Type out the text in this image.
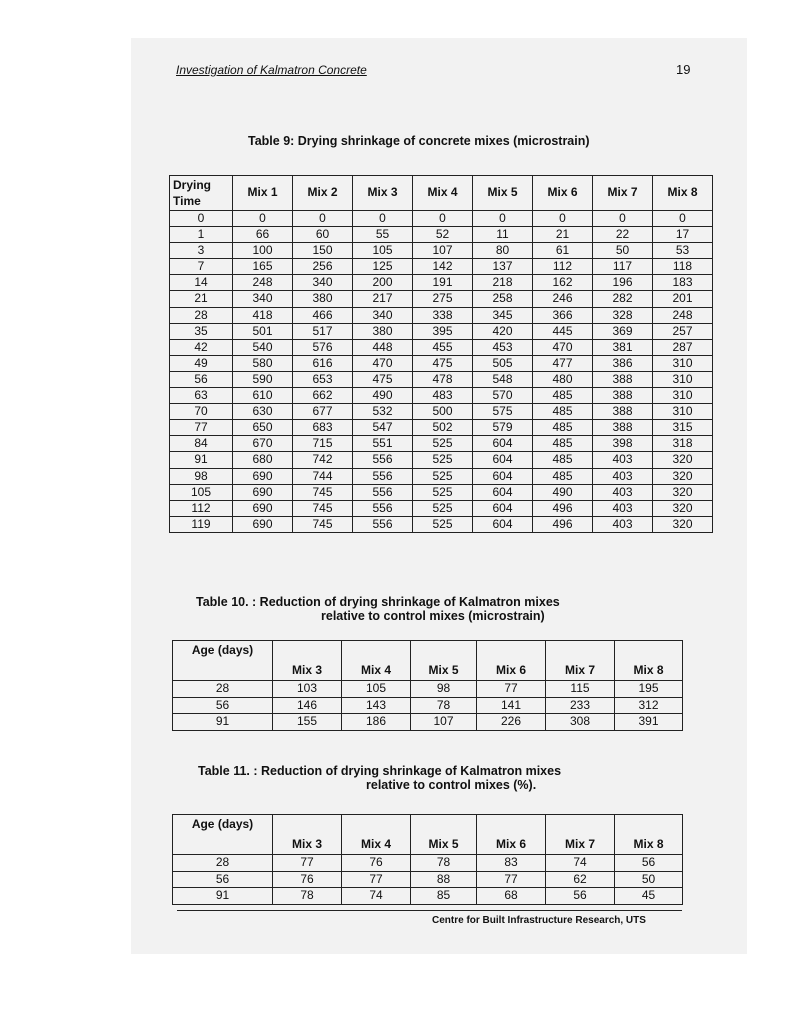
Investigation of Kalmatron Concrete	19
Table 9: Drying shrinkage of concrete mixes (microstrain)
Drying
Time	Mix 1	Mix 2	Mix 3	Mix 4	Mix 5	Mix 6	Mix 7	Mix 8
0	0	0	0	0	0	0	0	0
1	66	60	55	52	11	21	22	17
3	100	150	105	107	80	61	50	53
7	165	256	125	142	137	112	117	118
14	248	340	200	191	218	162	196	183
21	340	380	217	275	258	246	282	201
28	418	466	340	338	345	366	328	248
35	501	517	380	395	420	445	369	257
42	540	576	448	455	453	470	381	287
49	580	616	470	475	505	477	386	310
56	590	653	475	478	548	480	388	310
63	610	662	490	483	570	485	388	310
70	630	677	532	500	575	485	388	310
77	650	683	547	502	579	485	388	315
84	670	715	551	525	604	485	398	318
91	680	742	556	525	604	485	403	320
98	690	744	556	525	604	485	403	320
105	690	745	556	525	604	490	403	320
112	690	745	556	525	604	496	403	320
119	690	745	556	525	604	496	403	320
Table 10. : Reduction of drying shrinkage of Kalmatron mixes
relative to control mixes (microstrain)
Age (days)	Mix 3	Mix 4	Mix 5	Mix 6	Mix 7	Mix 8
28	103	105	98	77	115	195
56	146	143	78	141	233	312
91	155	186	107	226	308	391
Table 11. : Reduction of drying shrinkage of Kalmatron mixes
relative to control mixes (%).
Age (days)	Mix 3	Mix 4	Mix 5	Mix 6	Mix 7	Mix 8
28	77	76	78	83	74	56
56	76	77	88	77	62	50
91	78	74	85	68	56	45
Centre for Built Infrastructure Research, UTS
